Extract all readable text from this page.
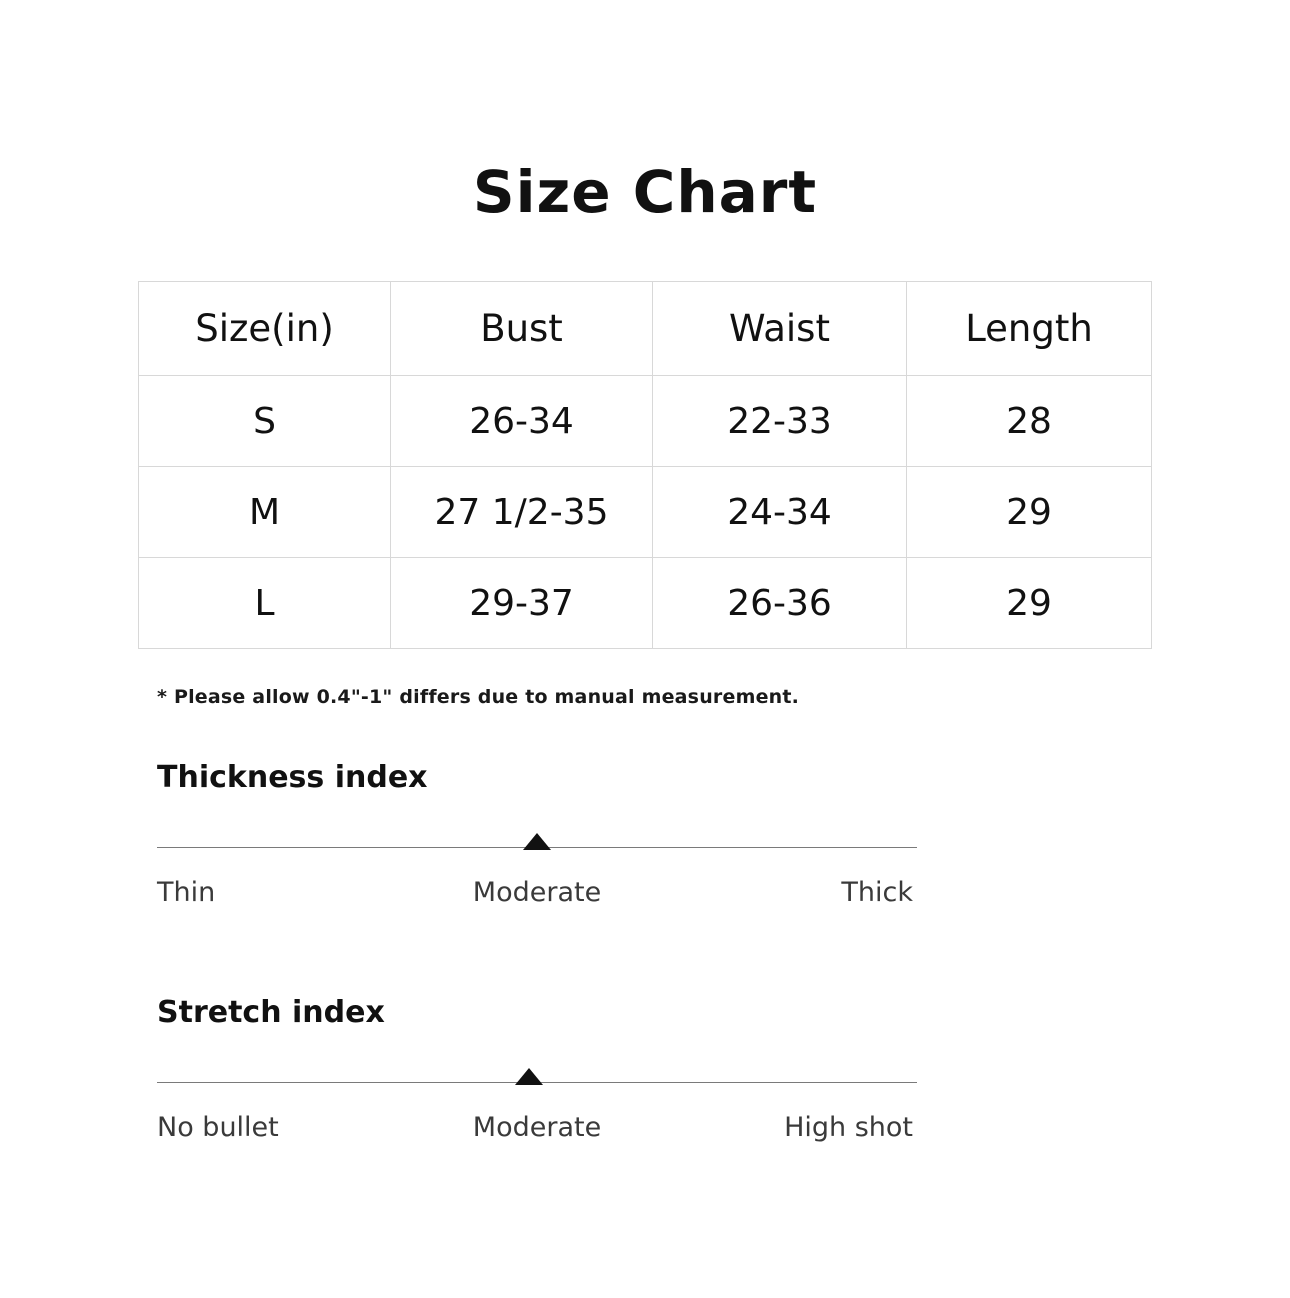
Size Chart
Size(in)	Bust	Waist	Length
S	26-34	22-33	28
M	27 1/2-35	24-34	29
L	29-37	26-36	29
* Please allow 0.4"-1" differs due to manual measurement.
Thickness index
Thin	Moderate	Thick
Stretch index
No bullet	Moderate	High shot
